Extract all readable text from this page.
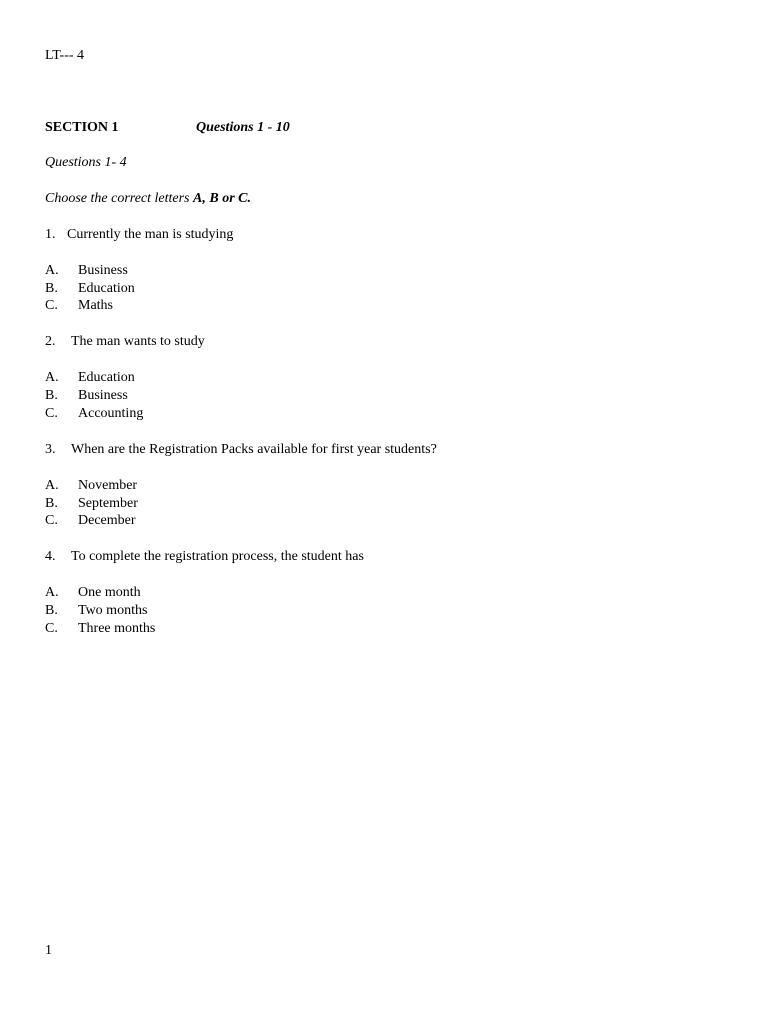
LT--- 4
SECTION 1	Questions 1 - 10
Questions 1- 4
Choose the correct letters A, B or C.
1. Currently the man is studying
A. Business
B. Education
C. Maths
2. The man wants to study
A. Education
B. Business
C. Accounting
3. When are the Registration Packs available for first year students?
A. November
B. September
C. December
4. To complete the registration process, the student has
A. One month
B. Two months
C. Three months
1
